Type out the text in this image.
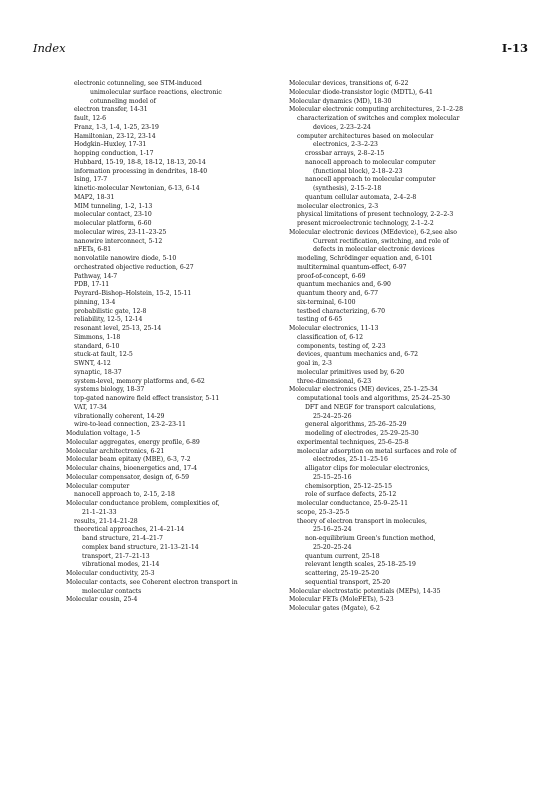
Index	I-13
electronic cotunneling, see STM-induced
unimolecular surface reactions, electronic
cotunneling model of
electron transfer, 14-31
fault, 12-6
Franz, 1-3, 1-4, 1-25, 23-19
Hamiltonian, 23-12, 23-14
Hodgkin–Huxley, 17-31
hopping conduction, 1-17
Hubbard, 15-19, 18-8, 18-12, 18-13, 20-14
information processing in dendrites, 18-40
Ising, 17-7
kinetic-molecular Newtonian, 6-13, 6-14
MAP2, 18-31
MIM tunneling, 1-2, 1-13
molecular contact, 23-10
molecular platform, 6-60
molecular wires, 23-11–23-25
nanowire interconnect, 5-12
nFETs, 6-81
nonvolatile nanowire diode, 5-10
orchestrated objective reduction, 6-27
Pathway, 14-7
PDB, 17-11
Peyrard–Bishop–Holstein, 15-2, 15-11
pinning, 13-4
probabilistic gate, 12-8
reliability, 12-5, 12-14
resonant level, 25-13, 25-14
Simmons, 1-18
standard, 6-10
stuck-at fault, 12-5
SWNT, 4-12
synaptic, 18-37
system-level, memory platforms and, 6-62
systems biology, 18-37
top-gated nanowire field effect transistor, 5-11
VAT, 17-34
vibrationally coherent, 14-29
wire-to-lead connection, 23-2–23-11
Modulation voltage, 1-5
Molecular aggregates, energy profile, 6-89
Molecular architectronics, 6-21
Molecular beam epitaxy (MBE), 6-3, 7-2
Molecular chains, bioenergetics and, 17-4
Molecular compensator, design of, 6-59
Molecular computer
nanocell approach to, 2-15, 2-18
Molecular conductance problem, complexities of,
21-1–21-33
results, 21-14–21-28
theoretical approaches, 21-4–21-14
band structure, 21-4–21-7
complex band structure, 21-13–21-14
transport, 21-7–21-13
vibrational modes, 21-14
Molecular conductivity, 25-3
Molecular contacts, see Coherent electron transport in
molecular contacts
Molecular cousin, 25-4
Molecular devices, transitions of, 6-22
Molecular diode-transistor logic (MDTL), 6-41
Molecular dynamics (MD), 18-30
Molecular electronic computing architectures, 2-1–2-28
characterization of switches and complex molecular
devices, 2-23–2-24
computer architectures based on molecular
electronics, 2-3–2-23
crossbar arrays, 2-8–2-15
nanocell approach to molecular computer
(functional block), 2-18–2-23
nanocell approach to molecular computer
(synthesis), 2-15–2-18
quantum cellular automata, 2-4–2-8
molecular electronics, 2-3
physical limitations of present technology, 2-2–2-3
present microelectronic technology, 2-1–2-2
Molecular electronic devices (MEdevice), 6-2,see also
Current rectification, switching, and role of
defects in molecular electronic devices
modeling, Schrödinger equation and, 6-101
multiterminal quantum-effect, 6-97
proof-of-concept, 6-69
quantum mechanics and, 6-90
quantum theory and, 6-77
six-terminal, 6-100
testbed characterizing, 6-70
testing of 6-65
Molecular electronics, 11-13
classification of, 6-12
components, testing of, 2-23
devices, quantum mechanics and, 6-72
goal in, 2-3
molecular primitives used by, 6-20
three-dimensional, 6-23
Molecular electronics (ME) devices, 25-1–25-34
computational tools and algorithms, 25-24–25-30
DFT and NEGF for transport calculations,
25-24–25-26
general algorithms, 25-26–25-29
modeling of electrodes, 25-29–25-30
experimental techniques, 25-6–25-8
molecular adsorption on metal surfaces and role of
electrodes, 25-11–25-16
alligator clips for molecular electronics,
25-15–25-16
chemisorption, 25-12–25-15
role of surface defects, 25-12
molecular conductance, 25-9–25-11
scope, 25-3–25-5
theory of electron transport in molecules,
25-16–25-24
non-equilibrium Green's function method,
25-20–25-24
quantum current, 25-18
relevant length scales, 25-18–25-19
scattering, 25-19–25-20
sequential transport, 25-20
Molecular electrostatic potentials (MEPs), 14-35
Molecular FETs (MoleFETs), 5-23
Molecular gates (Mgate), 6-2
